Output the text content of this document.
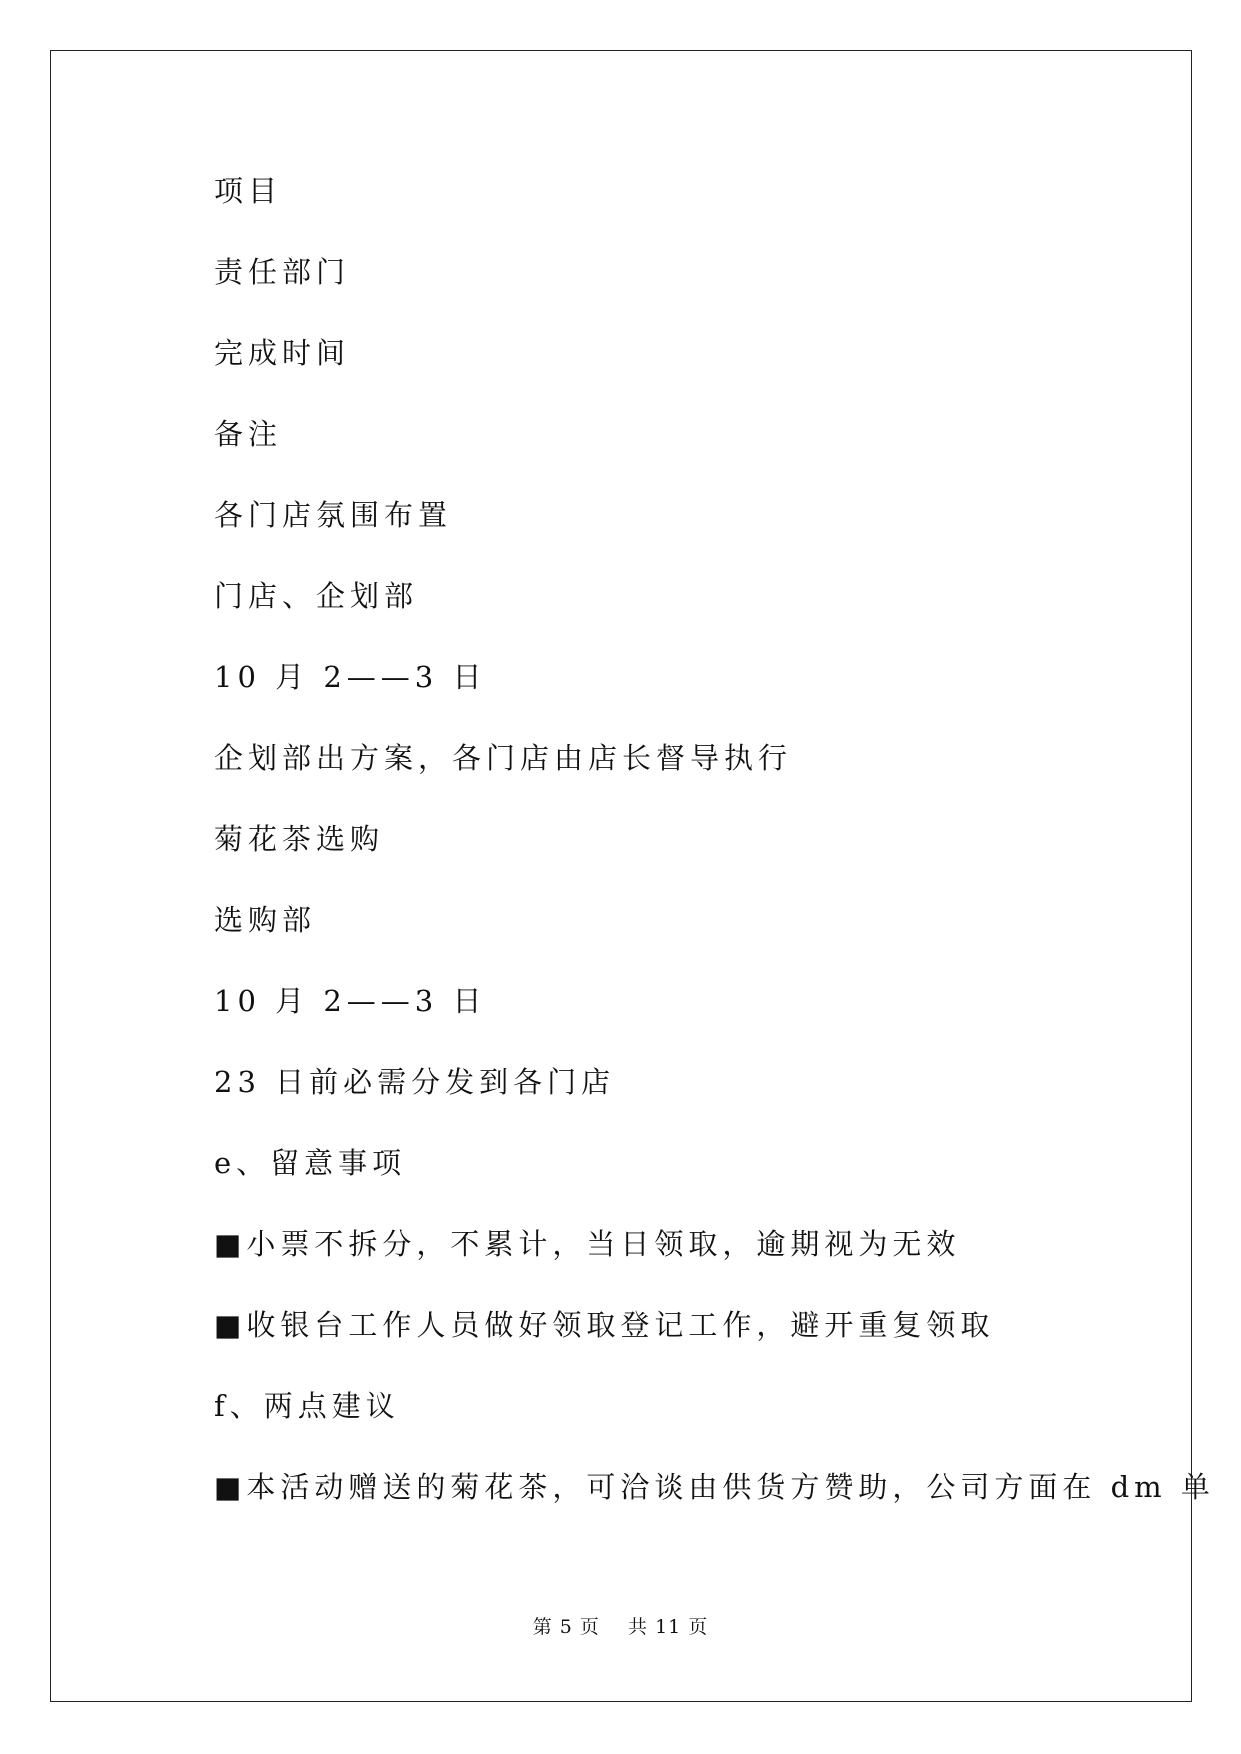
项目
责任部门
完成时间
备注
各门店氛围布置
门店、企划部
10 月 2——3 日
企划部出方案，各门店由店长督导执行
菊花茶选购
选购部
10 月 2——3 日
23 日前必需分发到各门店
e、留意事项
■小票不拆分，不累计，当日领取，逾期视为无效
■收银台工作人员做好领取登记工作，避开重复领取
f、两点建议
■本活动赠送的菊花茶，可洽谈由供货方赞助，公司方面在 dm 单
第 5 页 共 11 页
